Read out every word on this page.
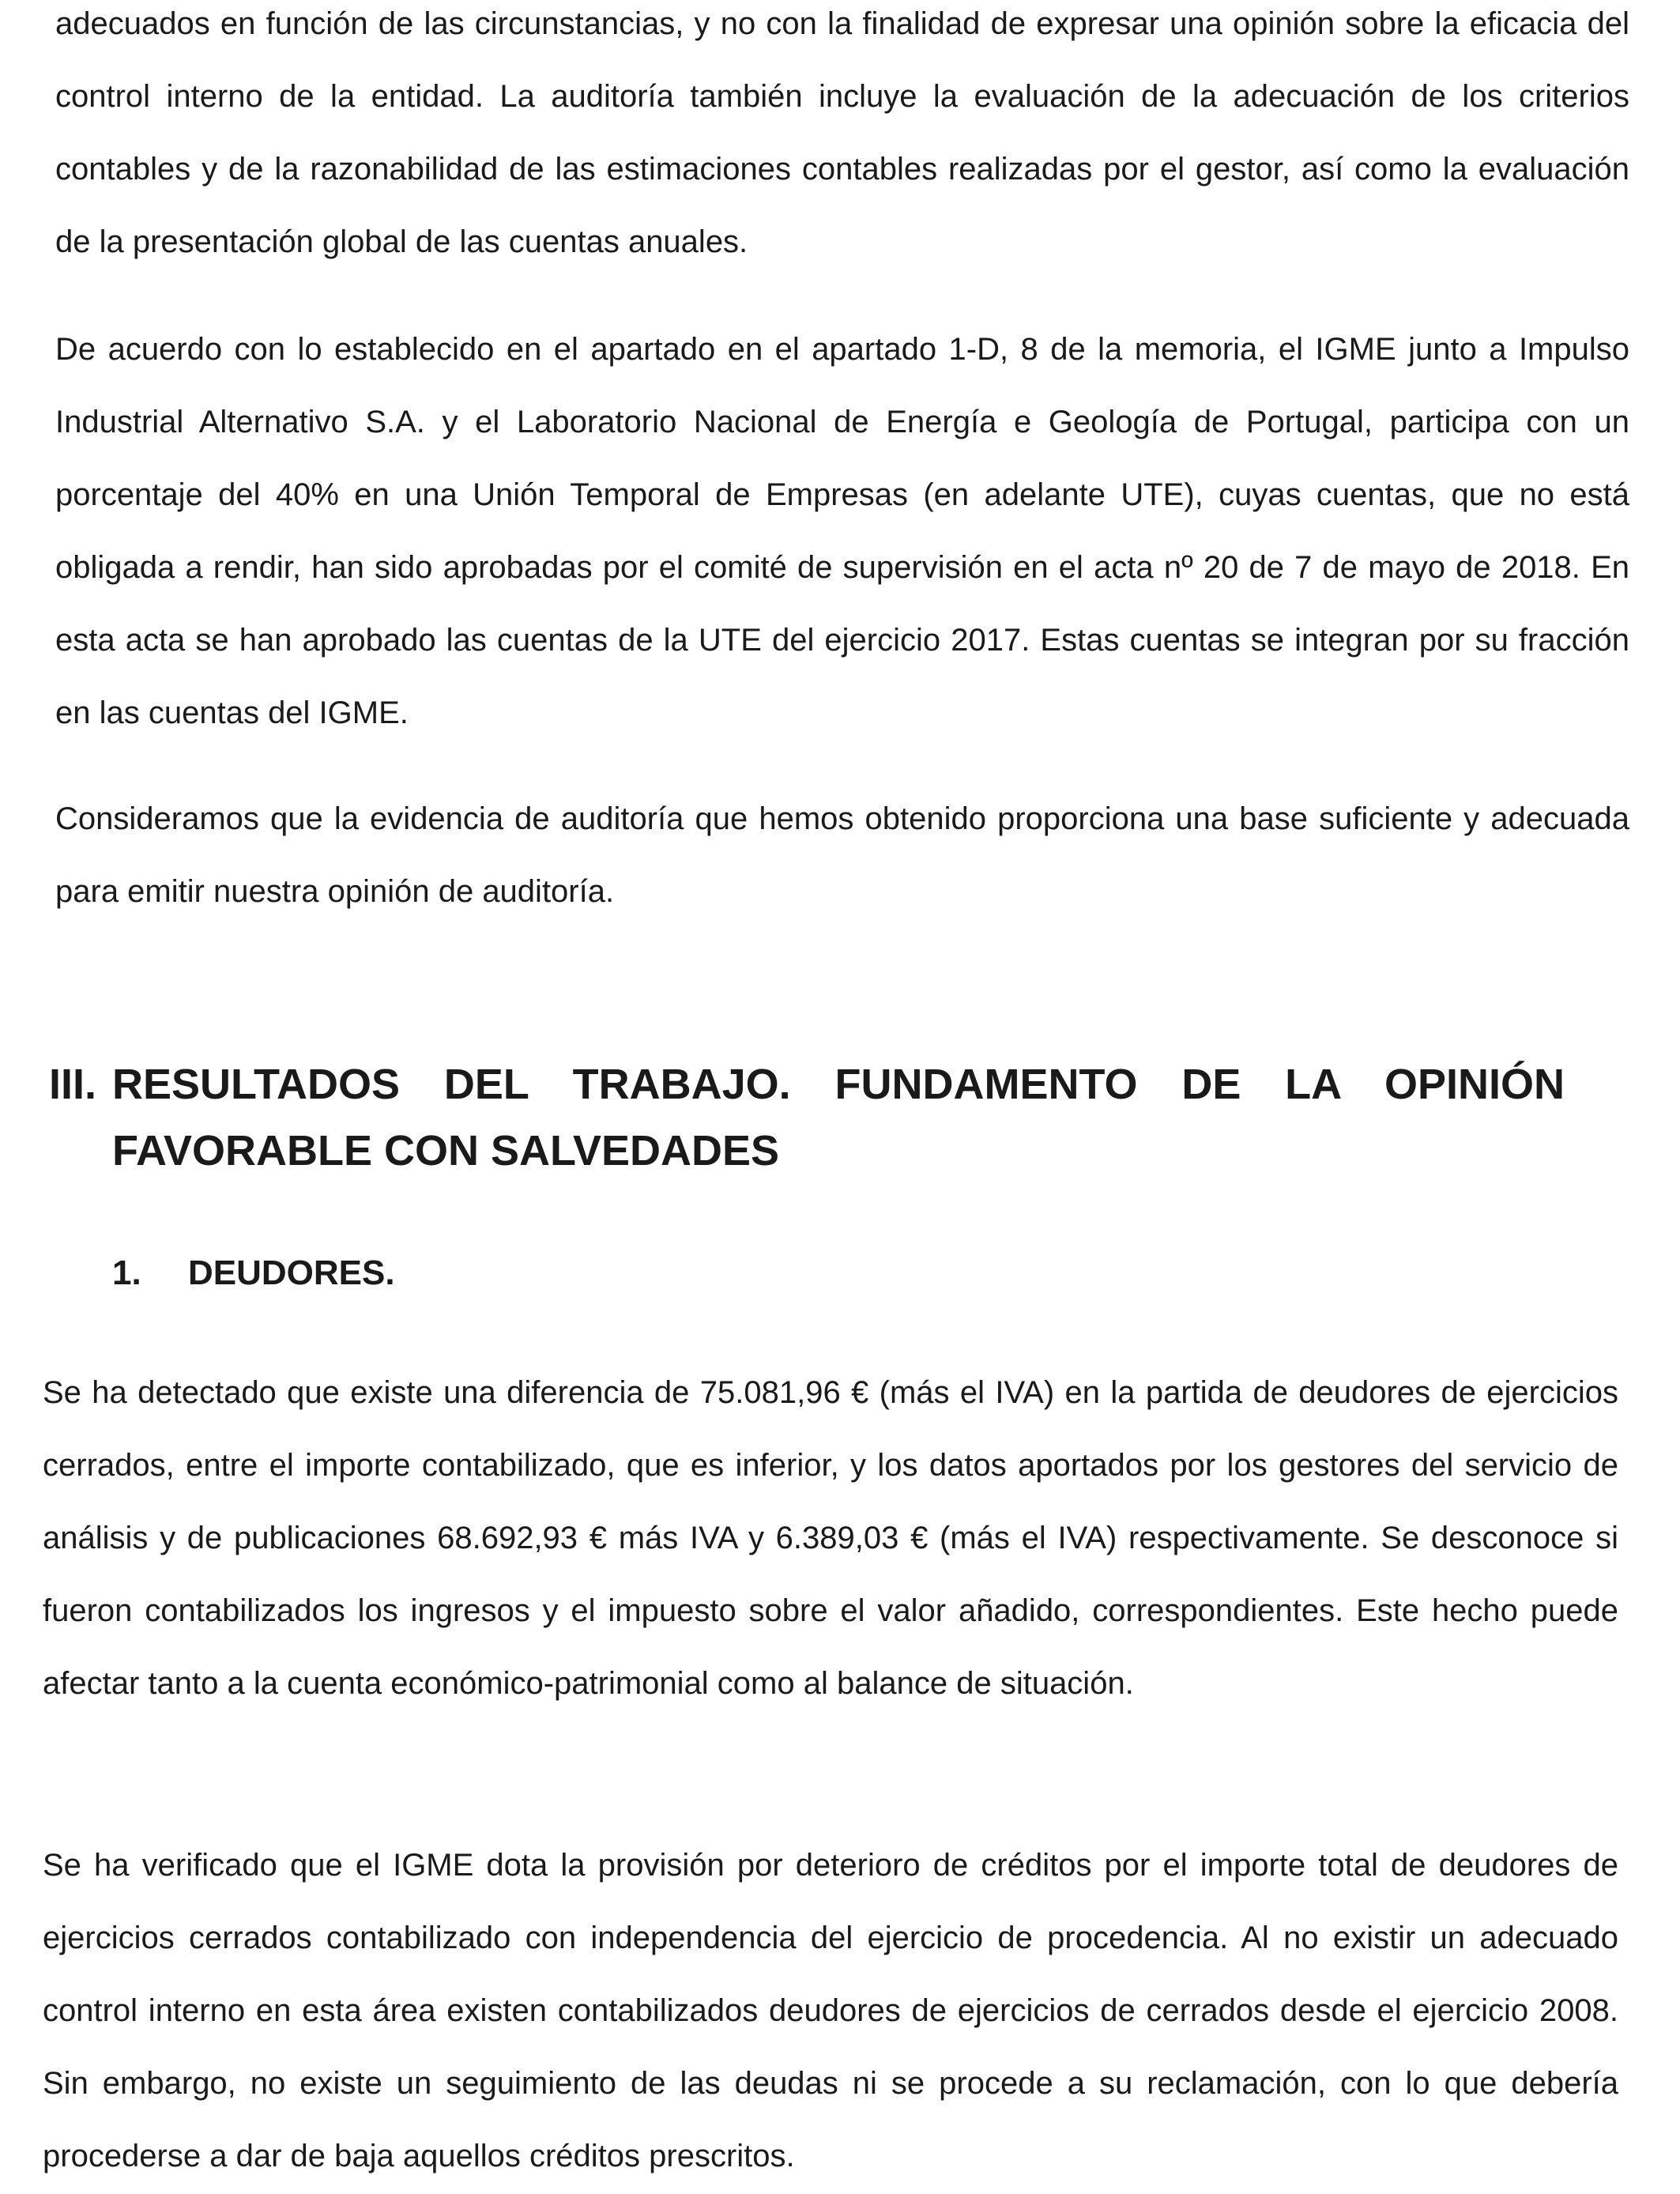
adecuados en función de las circunstancias, y no con la finalidad de expresar una opinión sobre la eficacia del control interno de la entidad. La auditoría también incluye la evaluación de la adecuación de los criterios contables y de la razonabilidad de las estimaciones contables realizadas por el gestor, así como la evaluación de la presentación global de las cuentas anuales.

De acuerdo con lo establecido en el apartado en el apartado 1-D, 8 de la memoria, el IGME junto a Impulso Industrial Alternativo S.A. y el Laboratorio Nacional de Energía e Geología de Portugal, participa con un porcentaje del 40% en una Unión Temporal de Empresas (en adelante UTE), cuyas cuentas, que no está obligada a rendir, han sido aprobadas por el comité de supervisión en el acta nº 20 de 7 de mayo de 2018. En esta acta se han aprobado las cuentas de la UTE del ejercicio 2017. Estas cuentas se integran por su fracción en las cuentas del IGME.

Consideramos que la evidencia de auditoría que hemos obtenido proporciona una base suficiente y adecuada para emitir nuestra opinión de auditoría.

III. RESULTADOS DEL TRABAJO. FUNDAMENTO DE LA OPINIÓN FAVORABLE CON SALVEDADES
1. DEUDORES.

Se ha detectado que existe una diferencia de 75.081,96 € (más el IVA) en la partida de deudores de ejercicios cerrados, entre el importe contabilizado, que es inferior, y los datos aportados por los gestores del servicio de análisis y de publicaciones 68.692,93 € más IVA y 6.389,03 € (más el IVA) respectivamente. Se desconoce si fueron contabilizados los ingresos y el impuesto sobre el valor añadido, correspondientes. Este hecho puede afectar tanto a la cuenta económico-patrimonial como al balance de situación.

Se ha verificado que el IGME dota la provisión por deterioro de créditos por el importe total de deudores de ejercicios cerrados contabilizado con independencia del ejercicio de procedencia. Al no existir un adecuado control interno en esta área existen contabilizados deudores de ejercicios de cerrados desde el ejercicio 2008. Sin embargo, no existe un seguimiento de las deudas ni se procede a su reclamación, con lo que debería procederse a dar de baja aquellos créditos prescritos.
